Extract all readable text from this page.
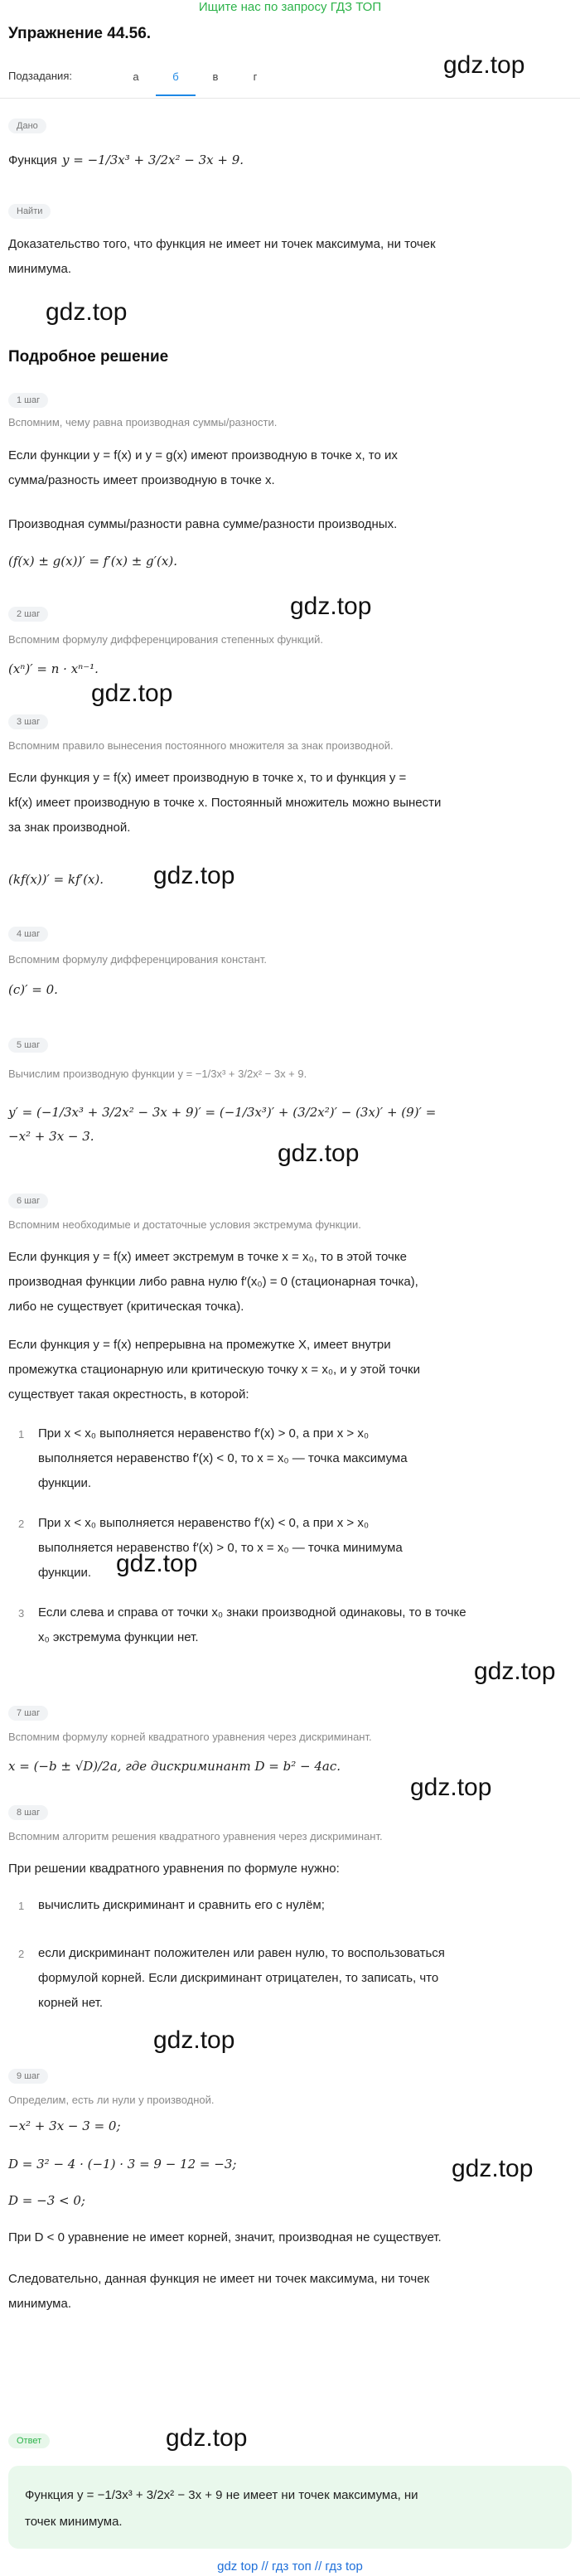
Ищите нас по запросу ГДЗ ТОП
Упражнение 44.56.
Подзадания:	а	б	в	г	gdz.top
Дано
Функция y = −1/3x³ + 3/2x² − 3x + 9.
Найти
Доказательство того, что функция не имеет ни точек максимума, ни точек
минимума.
gdz.top
Подробное решение
1 шаг
Вспомним, чему равна производная суммы/разности.
Если функции y = f(x) и y = g(x) имеют производную в точке x, то их
сумма/разность имеет производную в точке x.
Производная суммы/разности равна сумме/разности производных.
(f(x) ± g(x))′ = f′(x) ± g′(x).
gdz.top
2 шаг
Вспомним формулу дифференцирования степенных функций.
(xⁿ)′ = n · xⁿ⁻¹.
gdz.top
3 шаг
Вспомним правило вынесения постоянного множителя за знак производной.
Если функция y = f(x) имеет производную в точке x, то и функция y =
kf(x) имеет производную в точке x. Постоянный множитель можно вынести
за знак производной.
(kf(x))′ = kf′(x). gdz.top
4 шаг
Вспомним формулу дифференцирования констант.
(c)′ = 0.
5 шаг
Вычислим производную функции y = −1/3x³ + 3/2x² − 3x + 9.
y′ = (−1/3x³ + 3/2x² − 3x + 9)′ = (−1/3x³)′ + (3/2x²)′ − (3x)′ + (9)′ =
−x² + 3x − 3.
gdz.top
6 шаг
Вспомним необходимые и достаточные условия экстремума функции.
Если функция y = f(x) имеет экстремум в точке x = x₀, то в этой точке
производная функции либо равна нулю f′(x₀) = 0 (стационарная точка),
либо не существует (критическая точка).
Если функция y = f(x) непрерывна на промежутке X, имеет внутри
промежутка стационарную или критическую точку x = x₀, и у этой точки
существует такая окрестность, в которой:
1 При x < x₀ выполняется неравенство f′(x) > 0, а при x > x₀
выполняется неравенство f′(x) < 0, то x = x₀ — точка максимума
функции.
2 При x < x₀ выполняется неравенство f′(x) < 0, а при x > x₀
выполняется неравенство f′(x) > 0, то x = x₀ — точка минимума
функции. gdz.top
3 Если слева и справа от точки x₀ знаки производной одинаковы, то в точке
x₀ экстремума функции нет.
gdz.top
7 шаг
Вспомним формулу корней квадратного уравнения через дискриминант.
x = (−b ± √D)/2a, где дискриминант D = b² − 4ac.
gdz.top
8 шаг
Вспомним алгоритм решения квадратного уравнения через дискриминант.
При решении квадратного уравнения по формуле нужно:
1 вычислить дискриминант и сравнить его с нулём;
2 если дискриминант положителен или равен нулю, то воспользоваться
формулой корней. Если дискриминант отрицателен, то записать, что
корней нет.
gdz.top
9 шаг
Определим, есть ли нули у производной.
−x² + 3x − 3 = 0;
D = 3² − 4 · (−1) · 3 = 9 − 12 = −3;	gdz.top
D = −3 < 0;
При D < 0 уравнение не имеет корней, значит, производная не существует.
Следовательно, данная функция не имеет ни точек максимума, ни точек
минимума.
Ответ	gdz.top
Функция y = −1/3x³ + 3/2x² − 3x + 9 не имеет ни точек максимума, ни
точек минимума.
gdz top // гдз топ // гдз top
